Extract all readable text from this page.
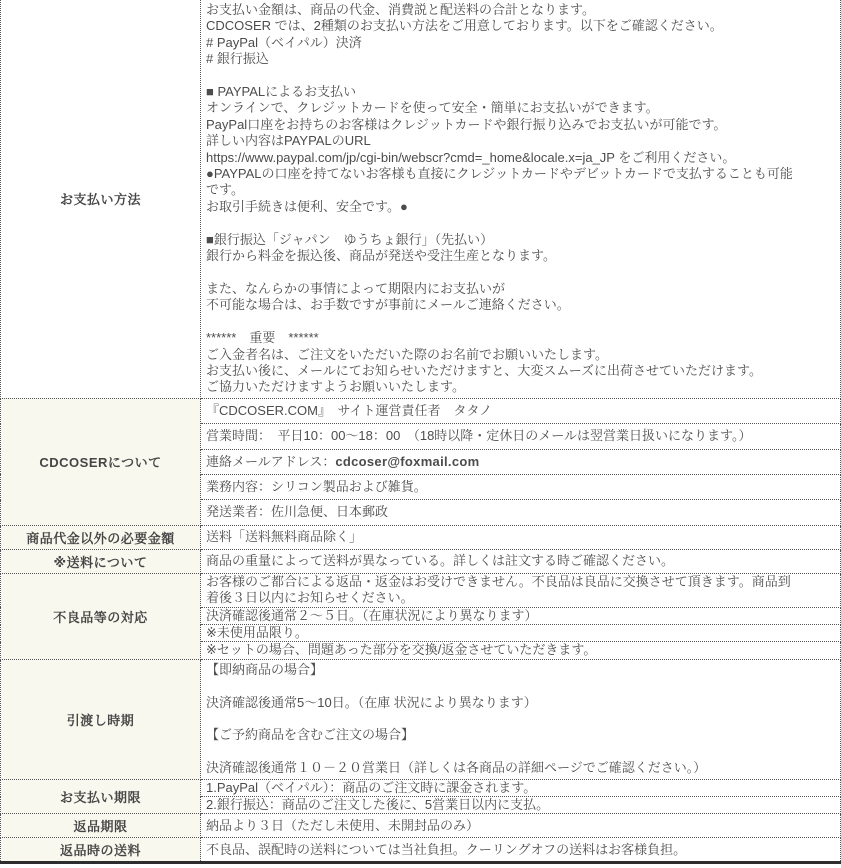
お支払い方法	
お支払い金額は、商品の代金、消費説と配送料の合計となります。
CDCOSER では、2種類のお支払い方法をご用意しております。以下をご確認ください。
# PayPal（ベイパル）決済
# 銀行振込

■ PAYPALによるお支払い
オンラインで、クレジットカードを使って安全・簡単にお支払いができます。
PayPal口座をお持ちのお客様はクレジットカードや銀行振り込みでお支払いが可能です。
詳しい内容はPAYPALのURL
https://www.paypal.com/jp/cgi-bin/webscr?cmd=_home&locale.x=ja_JP をご利用ください。
●PAYPALの口座を持てないお客様も直接にクレジットカードやデビットカードで支払することも可能
です。
お取引手続きは便利、安全です。●

■銀行振込「ジャパン　ゆうちょ銀行」（先払い）
銀行から料金を振込後、商品が発送や受注生産となります。

また、なんらかの事情によって期限内にお支払いが
不可能な場合は、お手数ですが事前にメールご連絡ください。

******　重要　******
ご入金者名は、ご注文をいただいた際のお名前でお願いいたします。
お支払い後に、メールにてお知らせいただけますと、大変スムーズに出荷させていただけます。
ご協力いただけますようお願いいたします。

CDCOSERについて	『CDCOSER.COM』　サイト運営責任者　タタノ

	営業時間：　平日10：00～18：00　（18時以降・定休日のメールは翌営業日扱いになります。）

	連絡メールアドレス：cdcoser@foxmail.com

	業務内容：シリコン製品および雑貨。

	発送業者：佐川急便、日本郵政

商品代金以外の必要金額	送料「送料無料商品除く」

※送料について	商品の重量によって送料が異なっている。詳しくは註文する時ご確認ください。

不良品等の対応	お客様のご都合による返品・返金はお受けできません。不良品は良品に交換させて頂きます。商品到
着後３日以内にお知らせください。

	決済確認後通常２～５日。（在庫状況により異なります）

	※未使用品限り。

	※セットの場合、問題あった部分を交換/返金させていただきます。

引渡し時期	【即納商品の場合】

決済確認後通常5～10日。（在庫 状況により異なります）

【ご予約商品を含むご注文の場合】

決済確認後通常１０－２０営業日（詳しくは各商品の詳細ページでご確認ください。）

お支払い期限	1.PayPal（ベイパル）：商品のご注文時に課金されます。

	2.銀行振込：商品のご注文した後に、5営業日以内に支払。

返品期限	納品より３日（ただし未使用、未開封品のみ）

返品時の送料	不良品、誤配時の送料については当社負担。クーリングオフの送料はお客様負担。
